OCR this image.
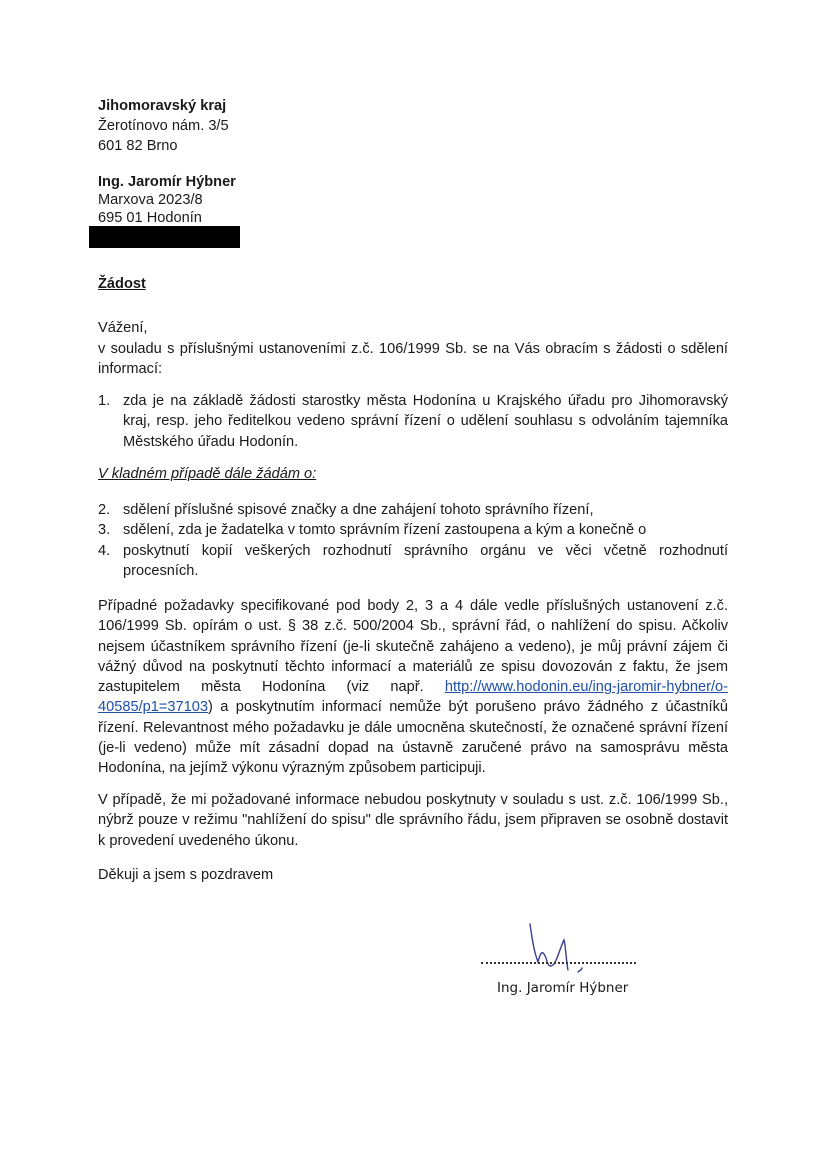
Jihomoravský kraj
Žerotínovo nám. 3/5
601 82 Brno
Ing. Jaromír Hýbner
Marxova 2023/8
695 01 Hodonín
Žádost
Vážení,
v souladu s příslušnými ustanoveními z.č. 106/1999 Sb. se na Vás obracím s žádosti o sdělení informací:
1. zda je na základě žádosti starostky města Hodonína u Krajského úřadu pro Jihomoravský kraj, resp. jeho ředitelkou vedeno správní řízení o udělení souhlasu s odvoláním tajemníka Městského úřadu Hodonín.
V kladném případě dále žádám o:
2. sdělení příslušné spisové značky a dne zahájení tohoto správního řízení,
3. sdělení, zda je žadatelka v tomto správním řízení zastoupena a kým a konečně o
4. poskytnutí kopií veškerých rozhodnutí správního orgánu ve věci včetně rozhodnutí procesních.
Případné požadavky specifikované pod body 2, 3 a 4 dále vedle příslušných ustanovení z.č. 106/1999 Sb. opírám o ust. § 38 z.č. 500/2004 Sb., správní řád, o nahlížení do spisu. Ačkoliv nejsem účastníkem správního řízení (je-li skutečně zahájeno a vedeno), je můj právní zájem či vážný důvod na poskytnutí těchto informací a materiálů ze spisu dovozován z faktu, že jsem zastupitelem města Hodonína (viz např. http://www.hodonin.eu/ing-jaromir-hybner/o-40585/p1=37103) a poskytnutím informací nemůže být porušeno právo žádného z účastníků řízení. Relevantnost mého požadavku je dále umocněna skutečností, že označené správní řízení (je-li vedeno) může mít zásadní dopad na ústavně zaručené právo na samosprávu města Hodonína, na jejímž výkonu výrazným způsobem participuji.
V případě, že mi požadované informace nebudou poskytnuty v souladu s ust. z.č. 106/1999 Sb., nýbrž pouze v režimu "nahlížení do spisu" dle správního řádu, jsem připraven se osobně dostavit k provedení uvedeného úkonu.
Děkuji a jsem s pozdravem
Ing. Jaromír Hýbner
